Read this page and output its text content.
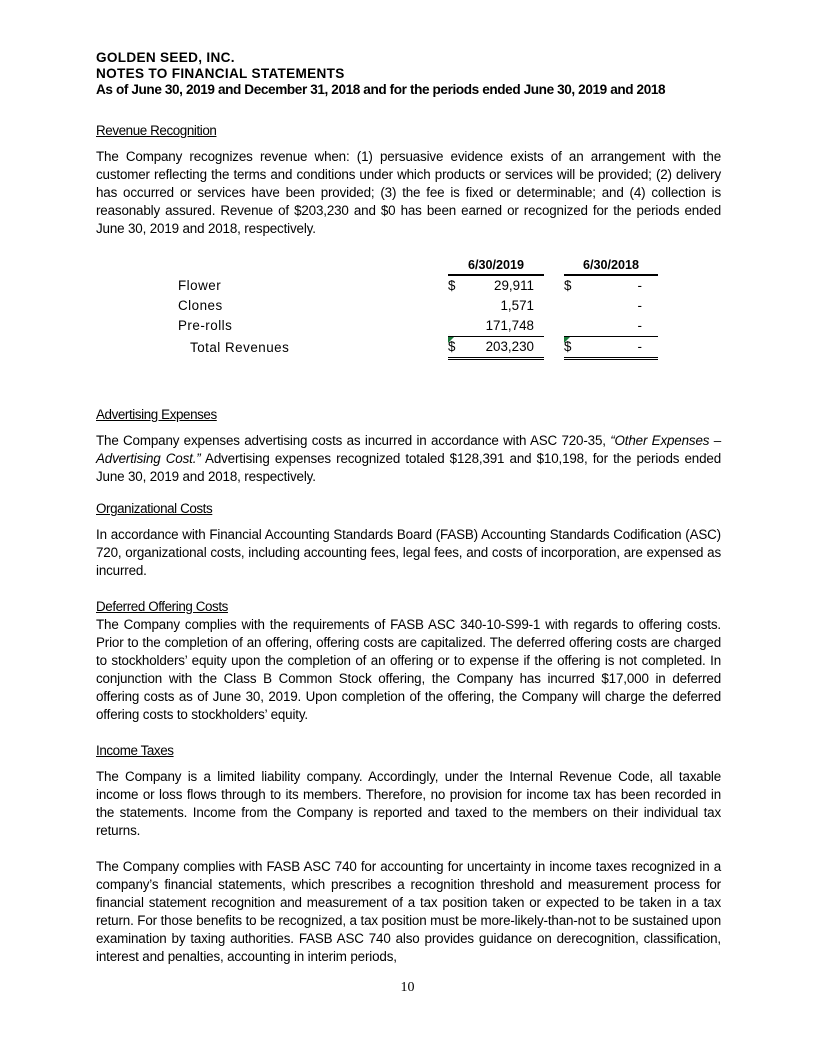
GOLDEN SEED, INC.
NOTES TO FINANCIAL STATEMENTS
As of June 30, 2019 and December 31, 2018 and for the periods ended June 30, 2019 and 2018
Revenue Recognition

The Company recognizes revenue when: (1) persuasive evidence exists of an arrangement with the customer reflecting the terms and conditions under which products or services will be provided; (2) delivery has occurred or services have been provided; (3) the fee is fixed or determinable; and (4) collection is reasonably assured. Revenue of $203,230 and $0 has been earned or recognized for the periods ended June 30, 2019 and 2018, respectively.

	6/30/2019			6/30/2018	
Flower	$	29,911		$	-
Clones		1,571			-
Pre-rolls		171,748			-
Total Revenues	$	203,230		$	-
Advertising Expenses

The Company expenses advertising costs as incurred in accordance with ASC 720-35, “Other Expenses – Advertising Cost.” Advertising expenses recognized totaled $128,391 and $10,198, for the periods ended June 30, 2019 and 2018, respectively.

Organizational Costs

In accordance with Financial Accounting Standards Board (FASB) Accounting Standards Codification (ASC) 720, organizational costs, including accounting fees, legal fees, and costs of incorporation, are expensed as incurred.

Deferred Offering Costs

The Company complies with the requirements of FASB ASC 340-10-S99-1 with regards to offering costs. Prior to the completion of an offering, offering costs are capitalized. The deferred offering costs are charged to stockholders’ equity upon the completion of an offering or to expense if the offering is not completed. In conjunction with the Class B Common Stock offering, the Company has incurred $17,000 in deferred offering costs as of June 30, 2019. Upon completion of the offering, the Company will charge the deferred offering costs to stockholders’ equity.

Income Taxes

The Company is a limited liability company. Accordingly, under the Internal Revenue Code, all taxable income or loss flows through to its members. Therefore, no provision for income tax has been recorded in the statements. Income from the Company is reported and taxed to the members on their individual tax returns.

The Company complies with FASB ASC 740 for accounting for uncertainty in income taxes recognized in a company’s financial statements, which prescribes a recognition threshold and measurement process for financial statement recognition and measurement of a tax position taken or expected to be taken in a tax return. For those benefits to be recognized, a tax position must be more-likely-than-not to be sustained upon examination by taxing authorities. FASB ASC 740 also provides guidance on derecognition, classification, interest and penalties, accounting in interim periods,

10
